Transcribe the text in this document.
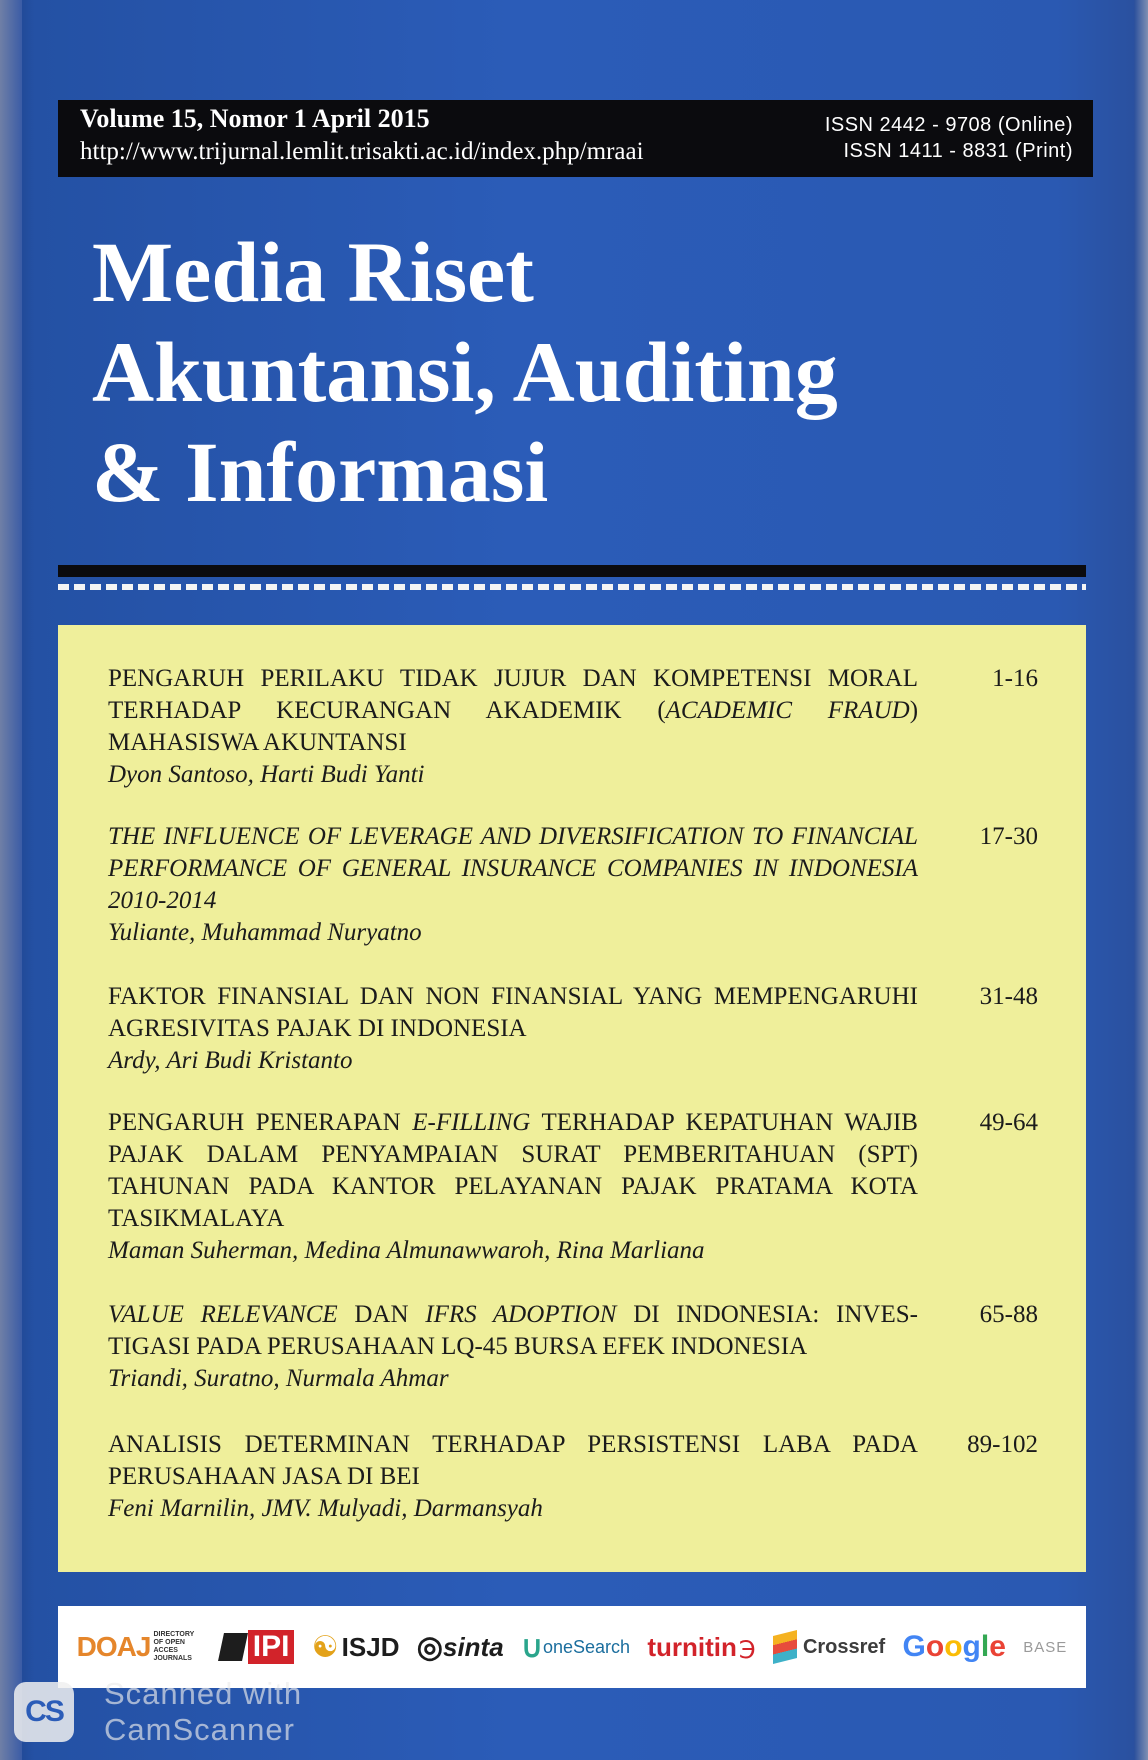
Volume 15, Nomor 1 April 2015
http://www.trijurnal.lemlit.trisakti.ac.id/index.php/mraai
ISSN 2442 - 9708 (Online)
ISSN 1411 - 8831 (Print)
Media Riset
Akuntansi, Auditing
& Informasi
PENGARUH PERILAKU TIDAK JUJUR DAN KOMPETENSI MORAL TERHADAP KECURANGAN AKADEMIK (ACADEMIC FRAUD) MAHASISWA AKUNTANSI
Dyon Santoso, Harti Budi Yanti
1-16
THE INFLUENCE OF LEVERAGE AND DIVERSIFICATION TO FINANCIAL PERFORMANCE OF GENERAL INSURANCE COMPANIES IN INDONESIA 2010-2014
Yuliante, Muhammad Nuryatno
17-30
FAKTOR FINANSIAL DAN NON FINANSIAL YANG MEMPENGARUHI AGRESIVITAS PAJAK DI INDONESIA
Ardy, Ari Budi Kristanto
31-48
PENGARUH PENERAPAN E-FILLING TERHADAP KEPATUHAN WAJIB PAJAK DALAM PENYAMPAIAN SURAT PEMBERITAHUAN (SPT) TAHUNAN PADA KANTOR PELAYANAN PAJAK PRATAMA KOTA TASIKMALAYA
Maman Suherman, Medina Almunawwaroh, Rina Marliana
49-64
VALUE RELEVANCE DAN IFRS ADOPTION DI INDONESIA: INVES-TIGASI PADA PERUSAHAAN LQ-45 BURSA EFEK INDONESIA
Triandi, Suratno, Nurmala Ahmar
65-88
ANALISIS DETERMINAN TERHADAP PERSISTENSI LABA PADA PERUSAHAAN JASA DI BEI
Feni Marnilin, JMV. Mulyadi, Darmansyah
89-102
DOAJ DIRECTORY OF OPEN ACCES JOURNALS	IPI ☯ ISJD ◎ sinta ∪ oneSearch turnitin ℈ Crossref Google BASE
CS
Scanned with
CamScanner
